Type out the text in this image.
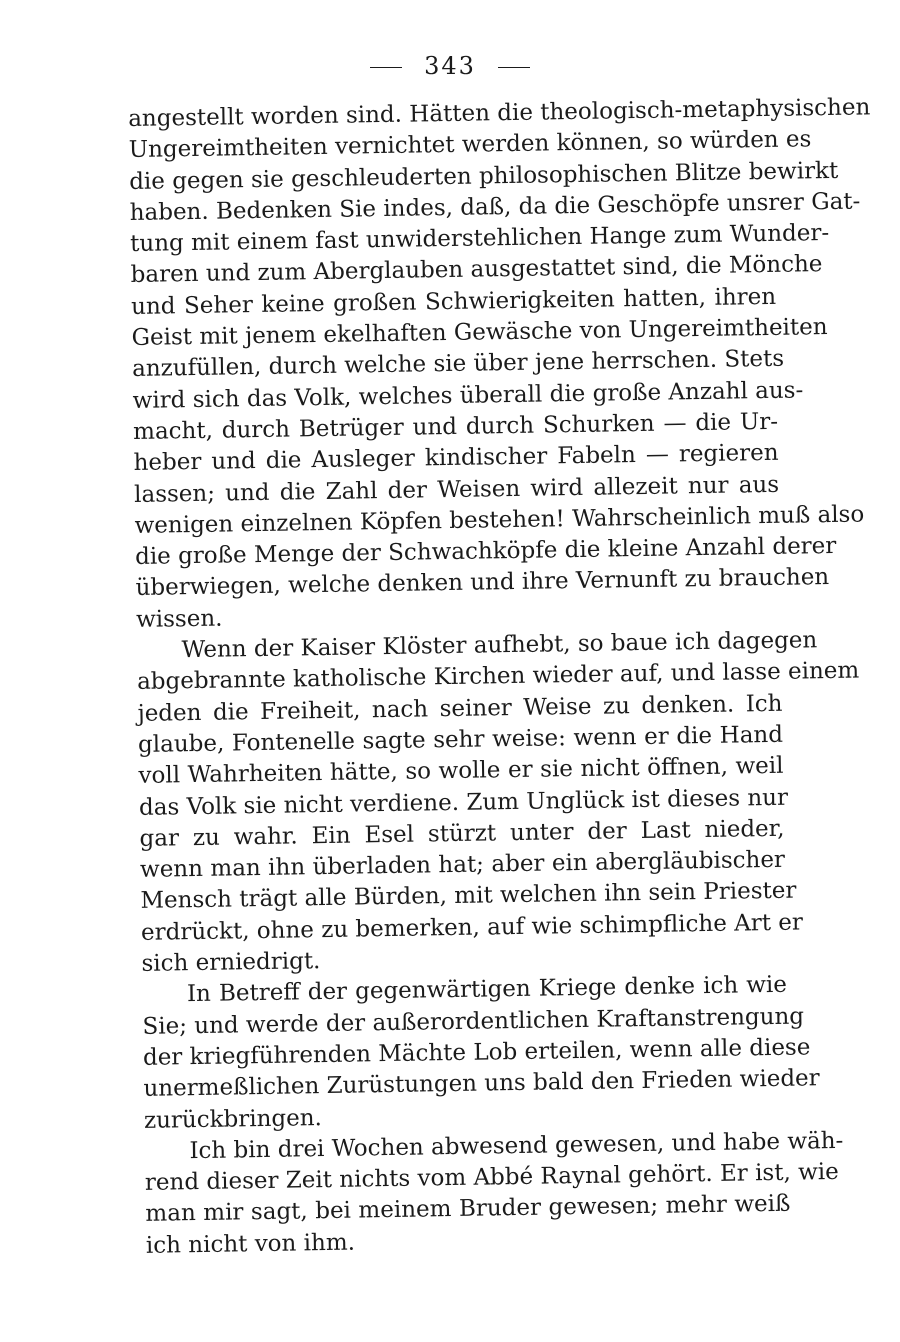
343
angestellt worden sind. Hätten die theologisch-metaphysischen
Ungereimtheiten vernichtet werden können, so würden es
die gegen sie geschleuderten philosophischen Blitze bewirkt
haben. Bedenken Sie indes, daß, da die Geschöpfe unsrer Gat-
tung mit einem fast unwiderstehlichen Hange zum Wunder-
baren und zum Aberglauben ausgestattet sind, die Mönche
und Seher keine großen Schwierigkeiten hatten, ihren
Geist mit jenem ekelhaften Gewäsche von Ungereimtheiten
anzufüllen, durch welche sie über jene herrschen. Stets
wird sich das Volk, welches überall die große Anzahl aus-
macht, durch Betrüger und durch Schurken — die Ur-
heber und die Ausleger kindischer Fabeln — regieren
lassen; und die Zahl der Weisen wird allezeit nur aus
wenigen einzelnen Köpfen bestehen! Wahrscheinlich muß also
die große Menge der Schwachköpfe die kleine Anzahl derer
überwiegen, welche denken und ihre Vernunft zu brauchen
wissen.
Wenn der Kaiser Klöster aufhebt, so baue ich dagegen
abgebrannte katholische Kirchen wieder auf, und lasse einem
jeden die Freiheit, nach seiner Weise zu denken. Ich
glaube, Fontenelle sagte sehr weise: wenn er die Hand
voll Wahrheiten hätte, so wolle er sie nicht öffnen, weil
das Volk sie nicht verdiene. Zum Unglück ist dieses nur
gar zu wahr. Ein Esel stürzt unter der Last nieder,
wenn man ihn überladen hat; aber ein abergläubischer
Mensch trägt alle Bürden, mit welchen ihn sein Priester
erdrückt, ohne zu bemerken, auf wie schimpfliche Art er
sich erniedrigt.
In Betreff der gegenwärtigen Kriege denke ich wie
Sie; und werde der außerordentlichen Kraftanstrengung
der kriegführenden Mächte Lob erteilen, wenn alle diese
unermeßlichen Zurüstungen uns bald den Frieden wieder
zurückbringen.
Ich bin drei Wochen abwesend gewesen, und habe wäh-
rend dieser Zeit nichts vom Abbé Raynal gehört. Er ist, wie
man mir sagt, bei meinem Bruder gewesen; mehr weiß
ich nicht von ihm.
